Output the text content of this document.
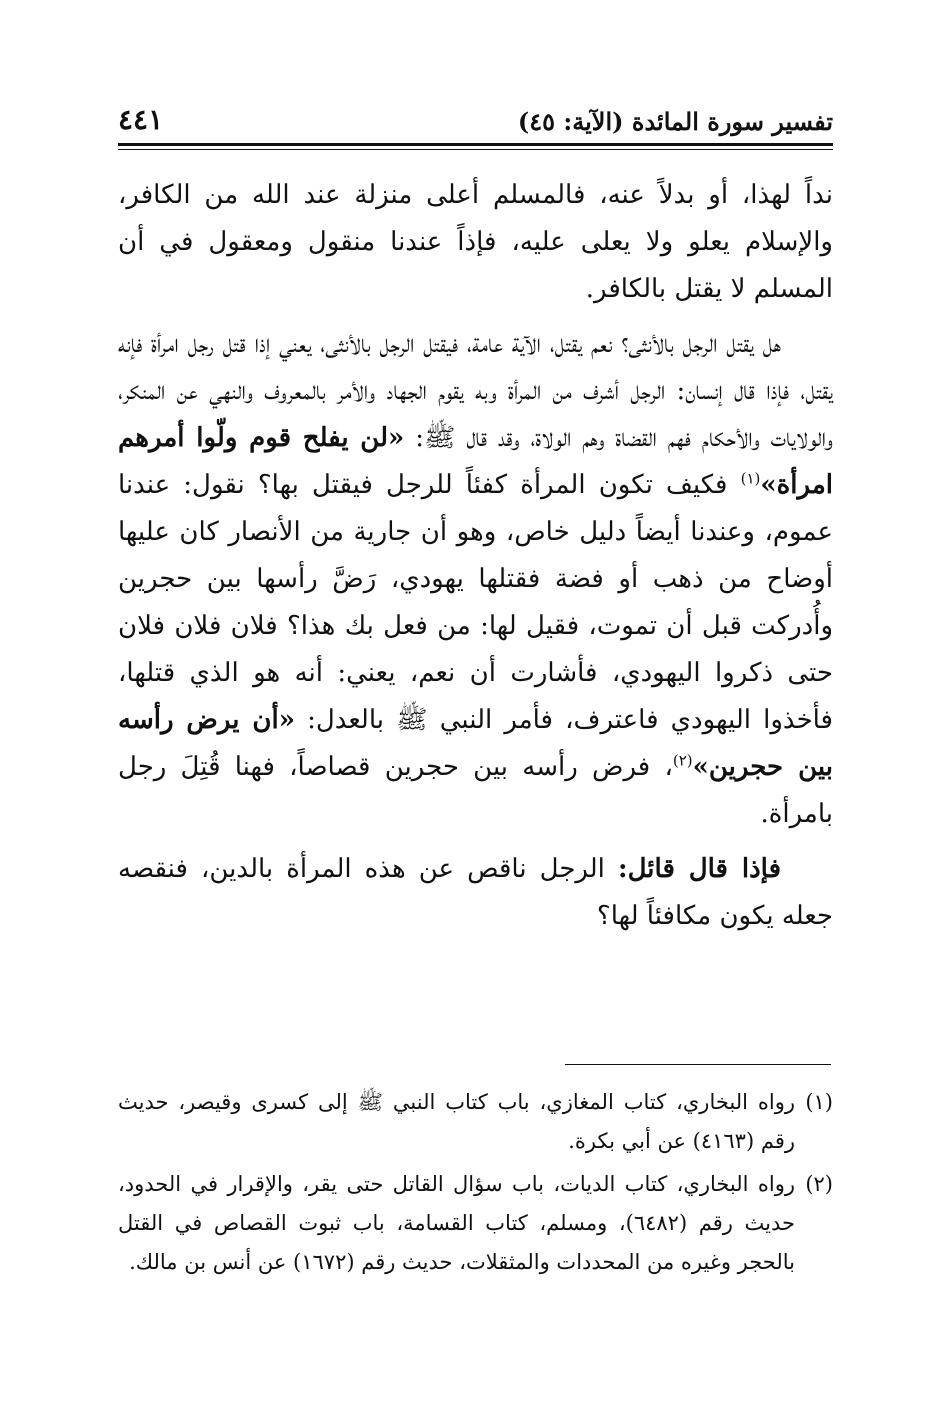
تفسير سورة المائدة (الآية: ٤٥)
٤٤١

نداً لهذا، أو بدلاً عنه، فالمسلم أعلى منزلة عند الله من الكافر، والإسلام يعلو ولا يعلى عليه، فإذاً عندنا منقول ومعقول في أن المسلم لا يقتل بالكافر.

هل يقتل الرجل بالأنثى؟ نعم يقتل، الآية عامة، فيقتل الرجل بالأنثى، يعني إذا قتل رجل امرأة فإنه يقتل، فإذا قال إنسان: الرجل أشرف من المرأة وبه يقوم الجهاد والأمر بالمعروف والنهي عن المنكر، والولايات والأحكام فهم القضاة وهم الولاة، وقد قال ﷺ: «لن يفلح قوم ولّوا أمرهم امرأة»$^{(١)}$ فكيف تكون المرأة كفئاً للرجل فيقتل بها؟ نقول: عندنا عموم، وعندنا أيضاً دليل خاص، وهو أن جارية من الأنصار كان عليها أوضاح من ذهب أو فضة فقتلها يهودي، رَضَّ رأسها بين حجرين وأُدركت قبل أن تموت، فقيل لها: من فعل بك هذا؟ فلان فلان فلان حتى ذكروا اليهودي، فأشارت أن نعم، يعني: أنه هو الذي قتلها، فأخذوا اليهودي فاعترف، فأمر النبي ﷺ بالعدل: «أن يرض رأسه بين حجرين»$^{(٢)}$، فرض رأسه بين حجرين قصاصاً، فهنا قُتِلَ رجل بامرأة.

فإذا قال قائل: الرجل ناقص عن هذه المرأة بالدين، فنقصه جعله يكون مكافئاً لها؟

(١)
رواه البخاري، كتاب المغازي، باب كتاب النبي ﷺ إلى كسرى وقيصر، حديث رقم (٤١٦٣) عن أبي بكرة.
(٢)
رواه البخاري، كتاب الديات، باب سؤال القاتل حتى يقر، والإقرار في الحدود، حديث رقم (٦٤٨٢)، ومسلم، كتاب القسامة، باب ثبوت القصاص في القتل بالحجر وغيره من المحددات والمثقلات، حديث رقم (١٦٧٢) عن أنس بن مالك.
